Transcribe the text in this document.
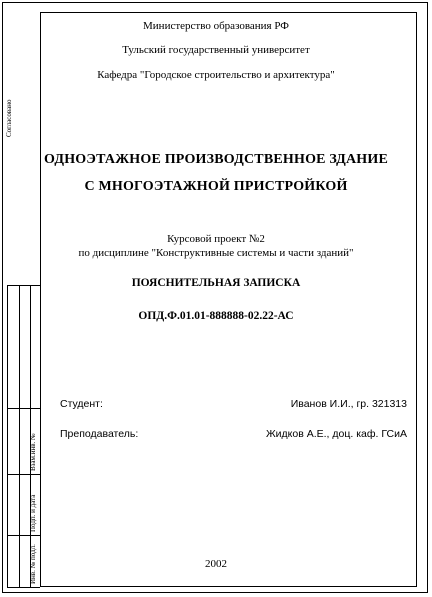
Согласовано
Взам.инв. №
Подп. и дата
Инв. № подл.
Министерство образования РФ
Тульский государственный университет
Кафедра "Городское строительство и архитектура"
ОДНОЭТАЖНОЕ ПРОИЗВОДСТВЕННОЕ ЗДАНИЕ
С МНОГОЭТАЖНОЙ ПРИСТРОЙКОЙ
Курсовой проект №2
по дисциплине "Конструктивные системы и части зданий"
ПОЯСНИТЕЛЬНАЯ ЗАПИСКА
ОПД.Ф.01.01-888888-02.22-АС
Студент:	Иванов И.И., гр. 321313
Преподаватель:	Жидков А.Е., доц. каф. ГСиА
2002
